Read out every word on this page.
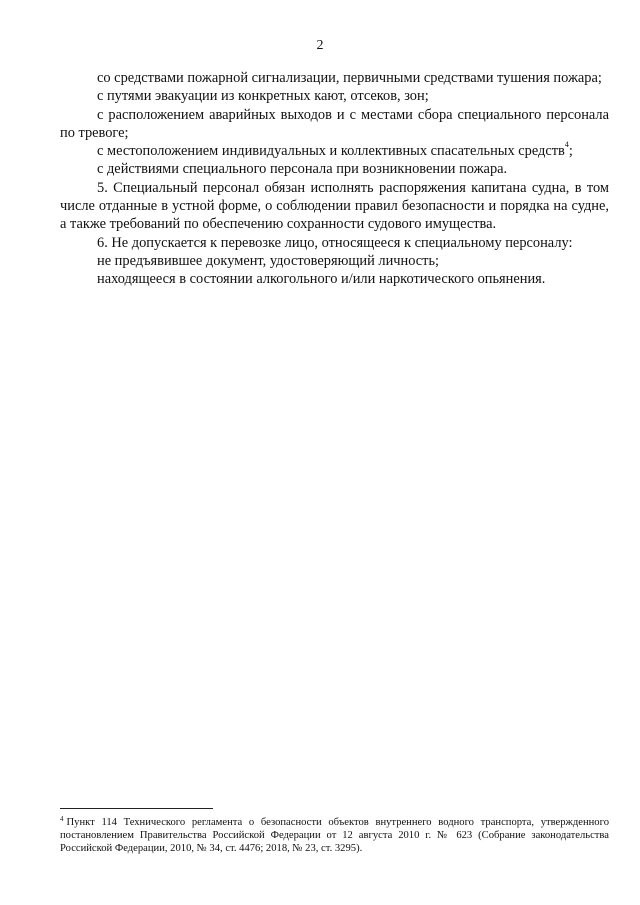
2

со средствами пожарной сигнализации, первичными средствами тушения пожара;

с путями эвакуации из конкретных кают, отсеков, зон;

с расположением аварийных выходов и с местами сбора специального персонала по тревоге;

с местоположением индивидуальных и коллективных спасательных средств$^4$;

с действиями специального персонала при возникновении пожара.

5. Специальный персонал обязан исполнять распоряжения капитана судна, в том числе отданные в устной форме, о соблюдении правил безопасности и порядка на судне, а также требований по обеспечению сохранности судового имущества.

6. Не допускается к перевозке лицо, относящееся к специальному персоналу:

не предъявившее документ, удостоверяющий личность;

находящееся в состоянии алкогольного и/или наркотического опьянения.

$^4$ Пункт 114 Технического регламента о безопасности объектов внутреннего водного транспорта, утвержденного постановлением Правительства Российской Федерации от 12 августа 2010 г. № 623 (Собрание законодательства Российской Федерации, 2010, № 34, ст. 4476; 2018, № 23, ст. 3295).
